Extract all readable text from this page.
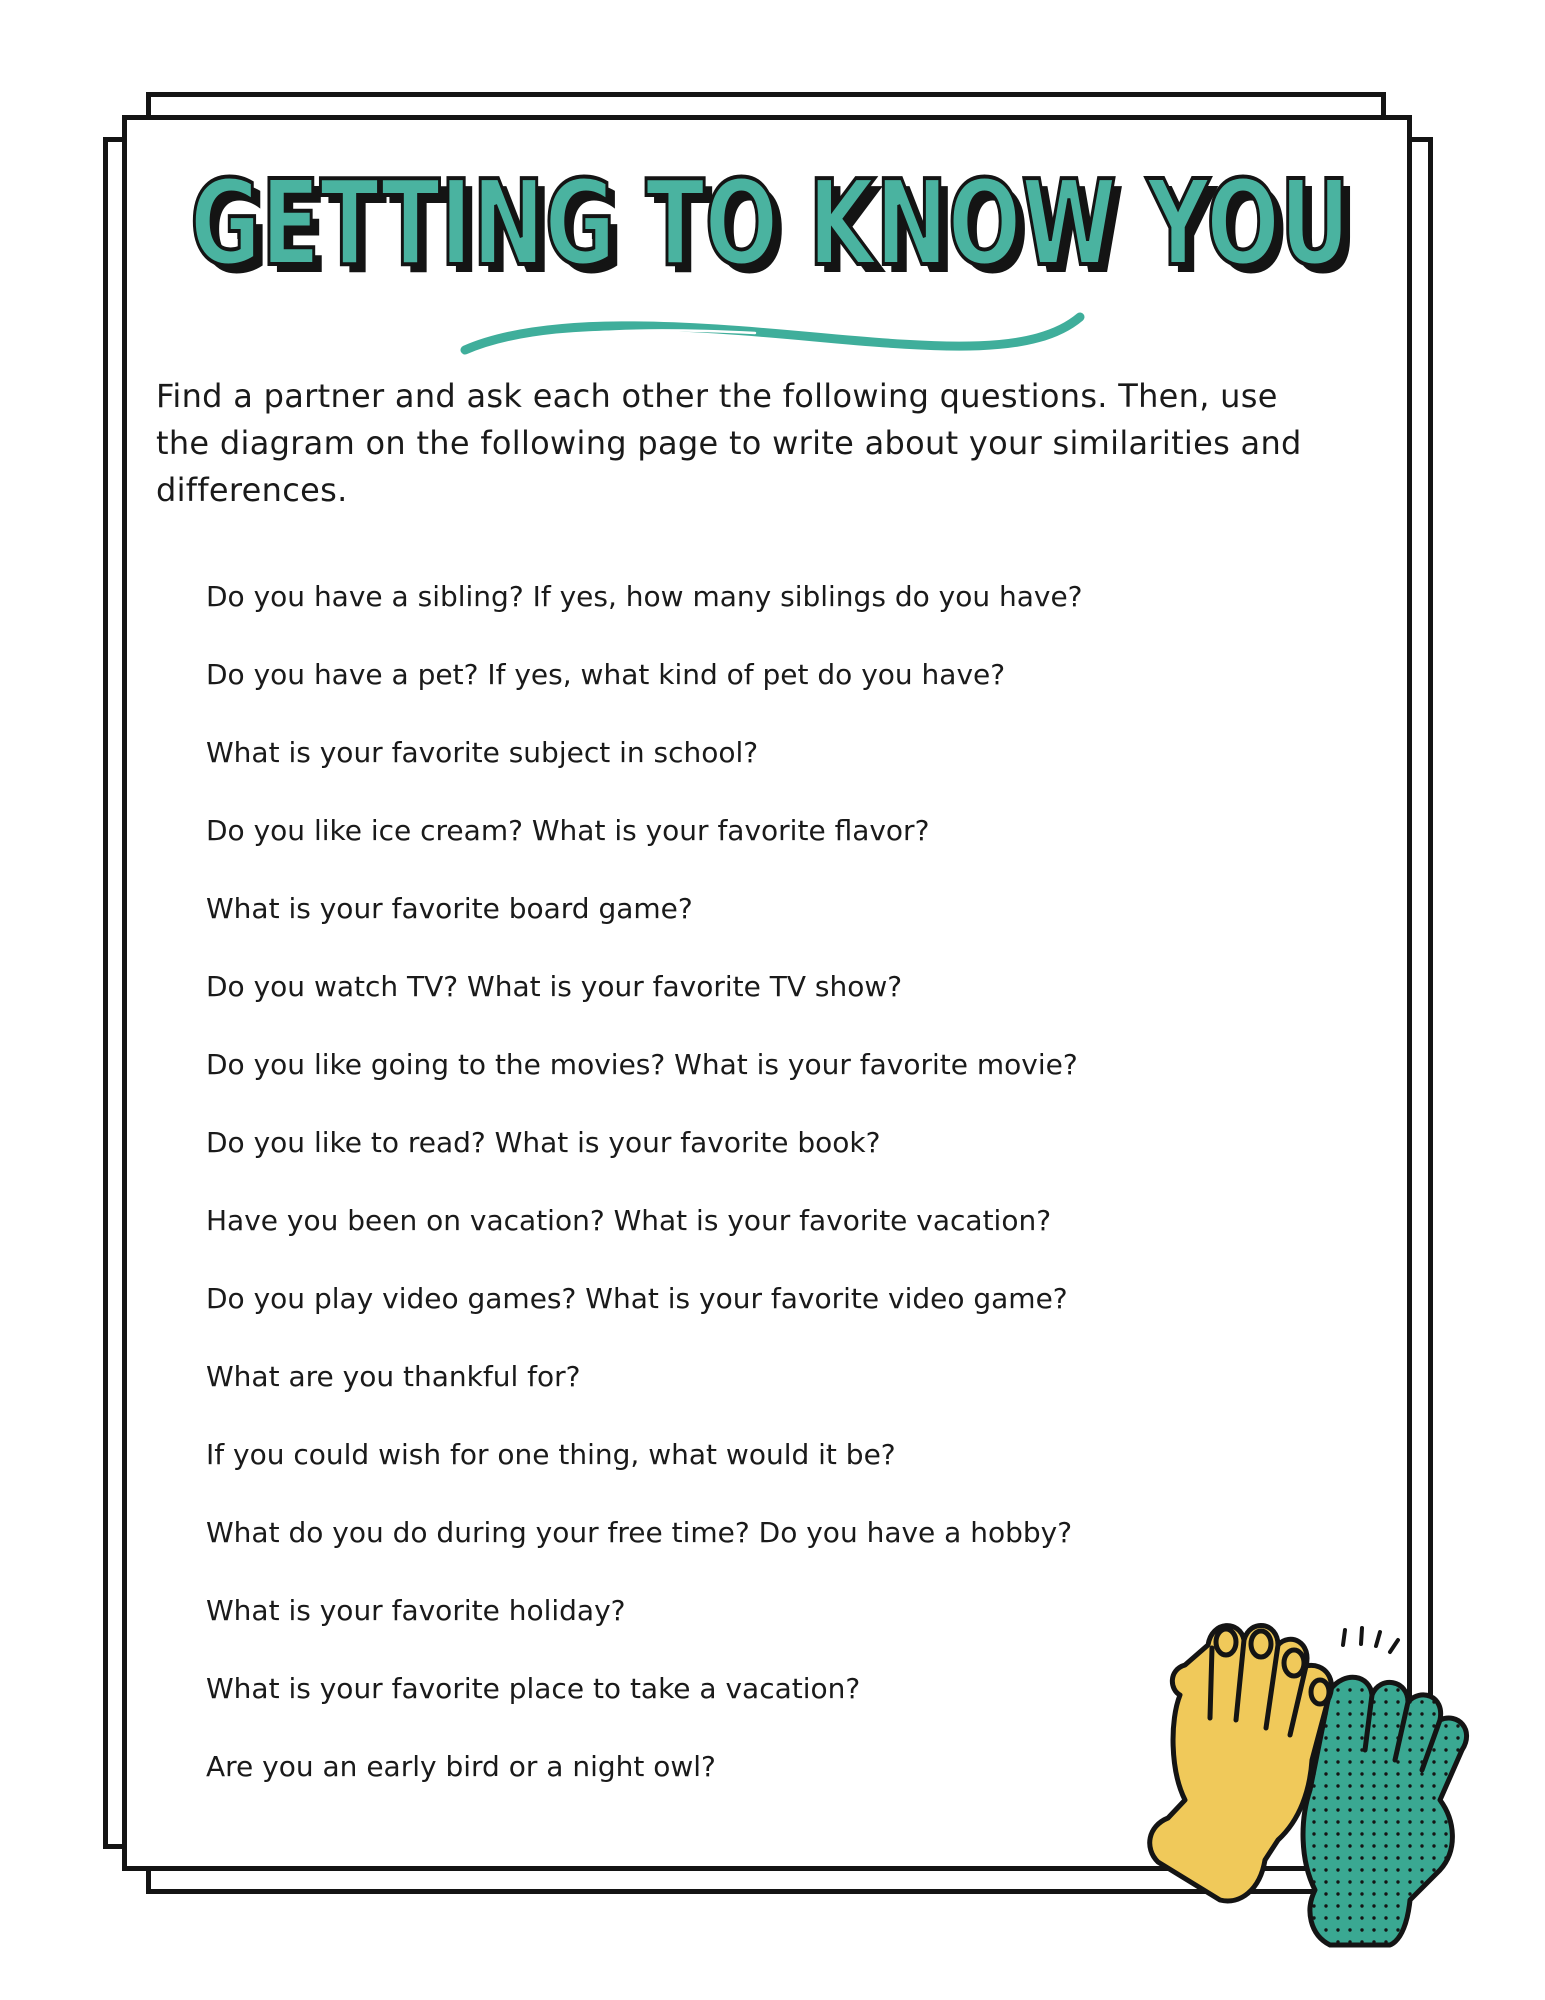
GETTING TO KNOW YOU
GETTING TO KNOW YOU

Find a partner and ask each other the following questions. Then, use the diagram on the following page to write about your similarities and differences.

Do you have a sibling? If yes, how many siblings do you have?
Do you have a pet? If yes, what kind of pet do you have?
What is your favorite subject in school?
Do you like ice cream? What is your favorite flavor?
What is your favorite board game?
Do you watch TV? What is your favorite TV show?
Do you like going to the movies? What is your favorite movie?
Do you like to read? What is your favorite book?
Have you been on vacation? What is your favorite vacation?
Do you play video games? What is your favorite video game?
What are you thankful for?
If you could wish for one thing, what would it be?
What do you do during your free time? Do you have a hobby?
What is your favorite holiday?
What is your favorite place to take a vacation?
Are you an early bird or a night owl?
